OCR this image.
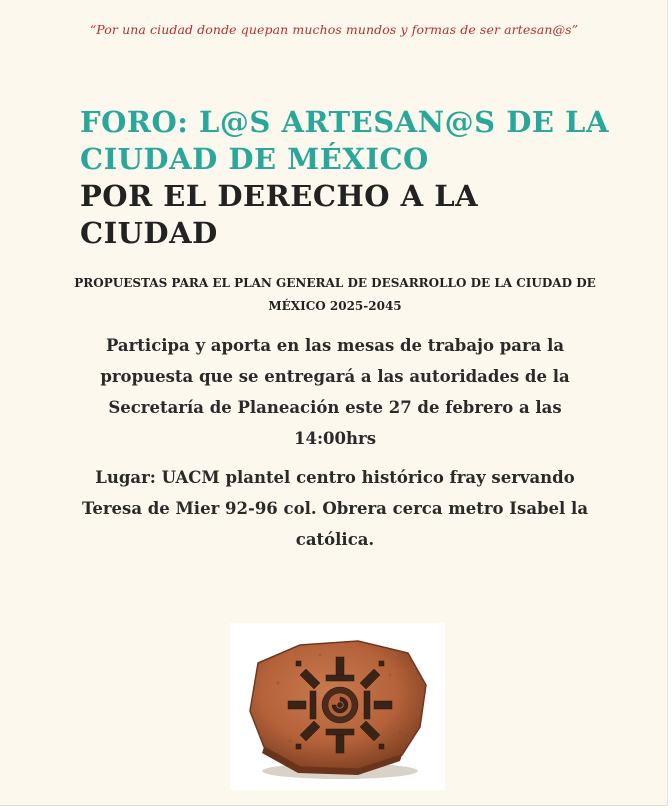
“Por una ciudad donde quepan muchos mundos y formas de ser artesan@s”
FORO: L@S ARTESAN@S DE LA CIUDAD DE MÉXICO
POR EL DERECHO A LA CIUDAD
PROPUESTAS PARA EL PLAN GENERAL DE DESARROLLO DE LA CIUDAD DE MÉXICO 2025-2045
Participa y aporta en las mesas de trabajo para la propuesta que se entregará a las autoridades de la Secretaría de Planeación este 27 de febrero a las 14:00hrs
Lugar: UACM plantel centro histórico fray servando Teresa de Mier 92-96 col. Obrera cerca metro Isabel la católica.
